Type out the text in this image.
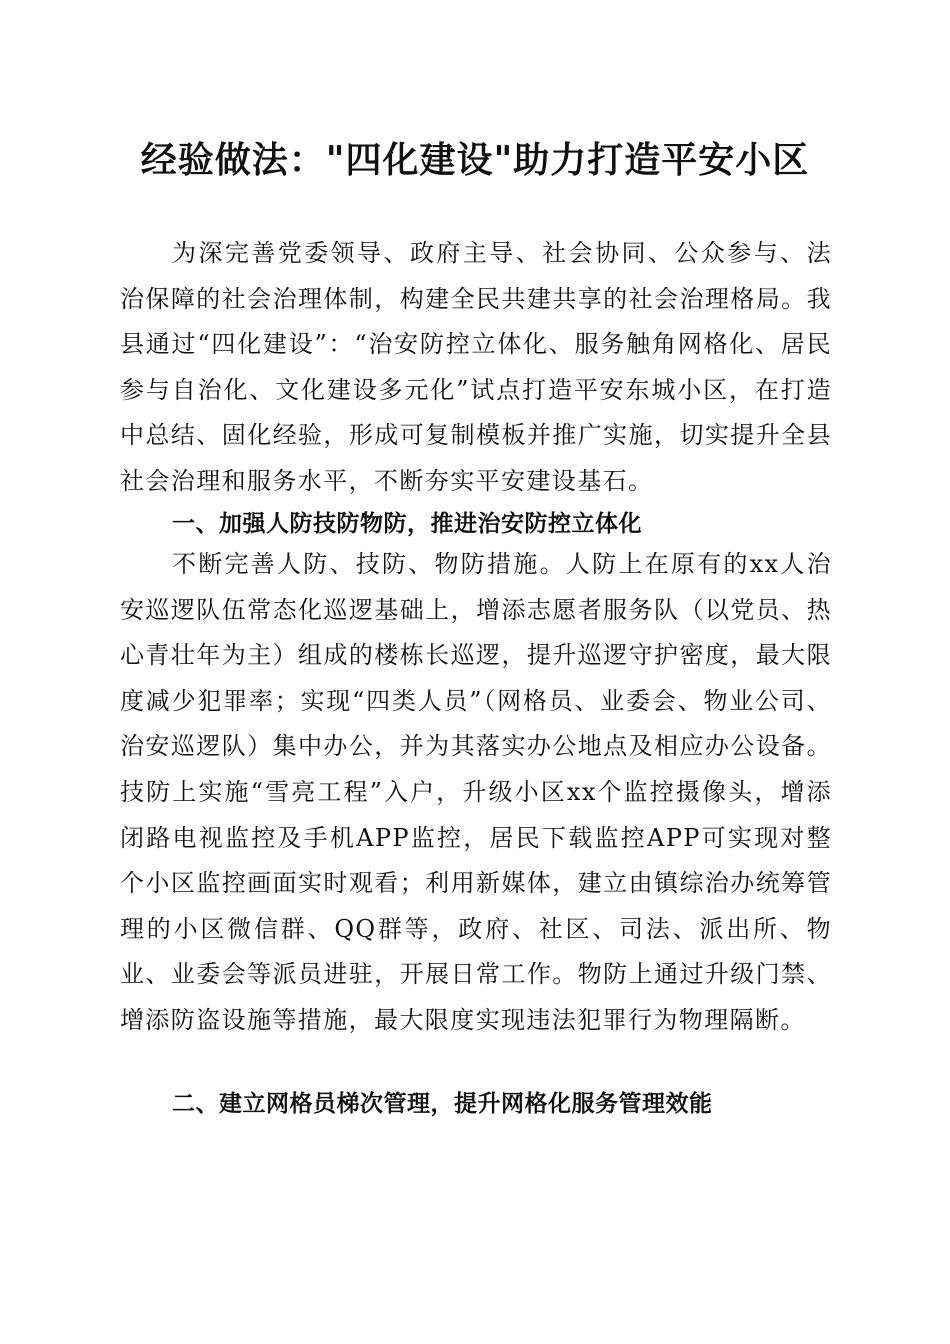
经验做法："四化建设"助力打造平安小区

为深完善党委领导、政府主导、社会协同、公众参与、法治保障的社会治理体制，构建全民共建共享的社会治理格局。我县通过“四化建设”：“治安防控立体化、服务触角网格化、居民参与自治化、文化建设多元化”试点打造平安东城小区，在打造中总结、固化经验，形成可复制模板并推广实施，切实提升全县社会治理和服务水平，不断夯实平安建设基石。

一、加强人防技防物防，推进治安防控立体化

不断完善人防、技防、物防措施。人防上在原有的xx人治安巡逻队伍常态化巡逻基础上，增添志愿者服务队（以党员、热心青壮年为主）组成的楼栋长巡逻，提升巡逻守护密度，最大限度减少犯罪率；实现“四类人员”（网格员、业委会、物业公司、治安巡逻队）集中办公，并为其落实办公地点及相应办公设备。技防上实施“雪亮工程”入户，升级小区xx个监控摄像头，增添闭路电视监控及手机APP监控，居民下载监控APP可实现对整个小区监控画面实时观看；利用新媒体，建立由镇综治办统筹管理的小区微信群、QQ群等，政府、社区、司法、派出所、物业、业委会等派员进驻，开展日常工作。物防上通过升级门禁、增添防盗设施等措施，最大限度实现违法犯罪行为物理隔断。

二、建立网格员梯次管理，提升网格化服务管理效能
